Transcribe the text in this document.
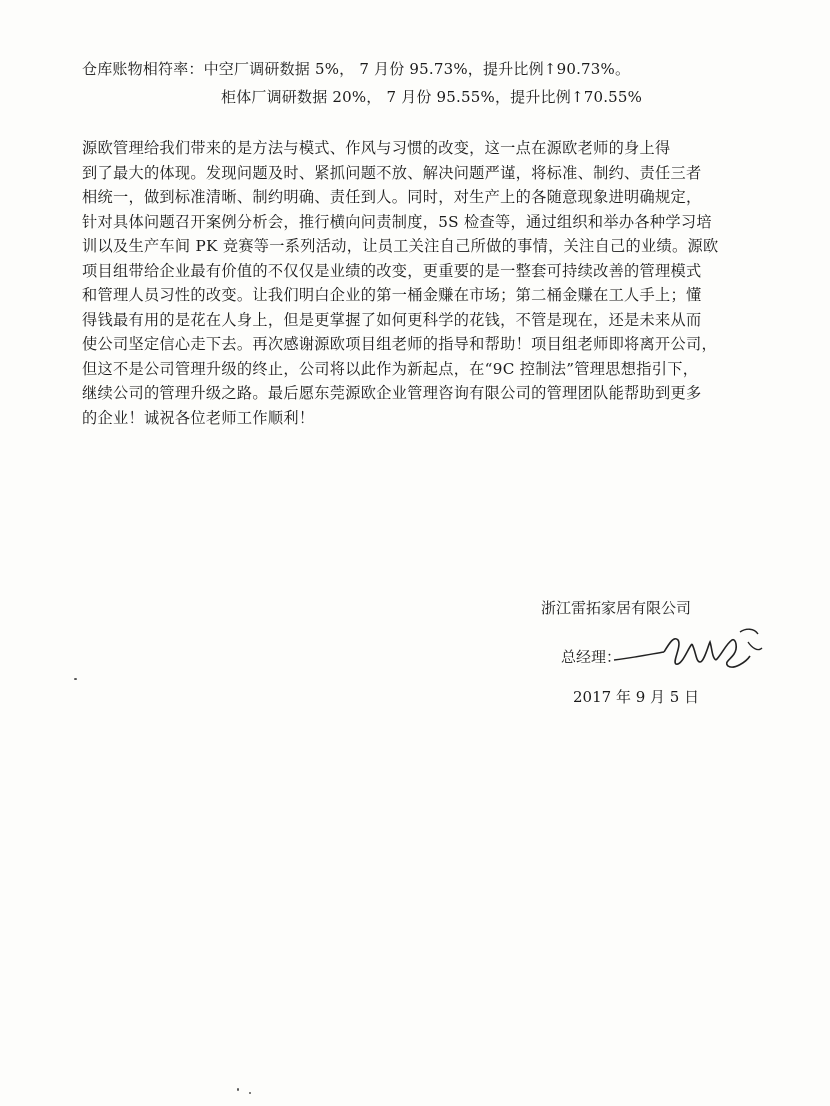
仓库账物相符率：中空厂调研数据 5%， 7 月份 95.73%，提升比例↑90.73%。
柜体厂调研数据 20%， 7 月份 95.55%，提升比例↑70.55%
源欧管理给我们带来的是方法与模式、作风与习惯的改变，这一点在源欧老师的身上得
到了最大的体现。发现问题及时、紧抓问题不放、解决问题严谨，将标准、制约、责任三者
相统一，做到标准清晰、制约明确、责任到人。同时，对生产上的各随意现象进明确规定，
针对具体问题召开案例分析会，推行横向问责制度，5S 检查等，通过组织和举办各种学习培
训以及生产车间 PK 竞赛等一系列活动，让员工关注自己所做的事情，关注自己的业绩。源欧
项目组带给企业最有价值的不仅仅是业绩的改变，更重要的是一整套可持续改善的管理模式
和管理人员习性的改变。让我们明白企业的第一桶金赚在市场；第二桶金赚在工人手上；懂
得钱最有用的是花在人身上，但是更掌握了如何更科学的花钱，不管是现在，还是未来从而
使公司坚定信心走下去。再次感谢源欧项目组老师的指导和帮助！项目组老师即将离开公司，
但这不是公司管理升级的终止，公司将以此作为新起点，在“9C 控制法”管理思想指引下，
继续公司的管理升级之路。最后愿东莞源欧企业管理咨询有限公司的管理团队能帮助到更多
的企业！诚祝各位老师工作顺利！
浙江雷拓家居有限公司
总经理：
2017 年 9 月 5 日
